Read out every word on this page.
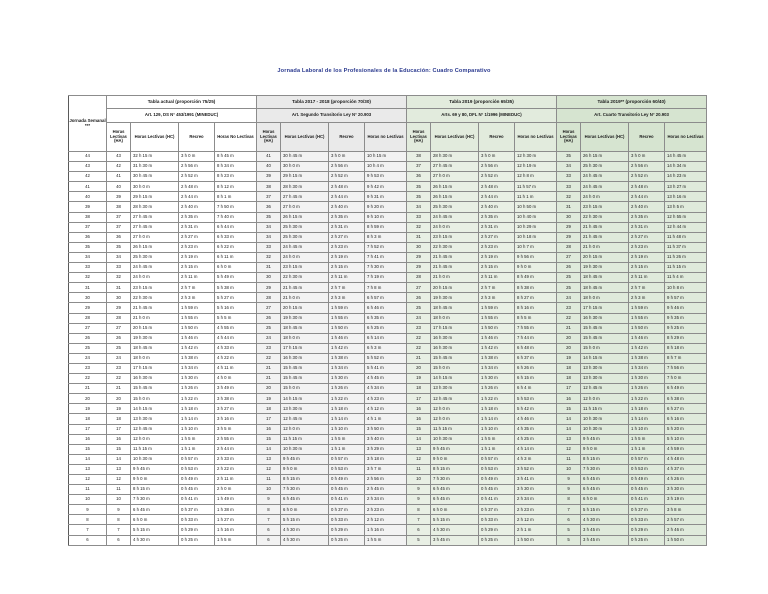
Jornada Laboral de los Profesionales de la Educación: Cuadro Comparativo
Jornada Semanal ***	Tabla actual (proporción 75/25)				Tabla 2017 - 2018 (proporción 70/30)				Tabla 2019 (proporción 65/35)				Tabla 2019** (proporción 60/40)			
	Art. 129, DS N° 453/1991 (MINEDUC)				Art. Segundo Transitorio Ley N° 20.903				Arts. 69 y 80, DFL N° 1/1996 (MINEDUC)				Art. Cuarto Transitorio Ley N° 20.903			
	Horas Lectivas (HA)	Horas Lectivas (HC)	Recreo	Horas No Lectivas	Horas Lectivas (HA)	Horas Lectivas (HC)	Recreo	Horas no Lectivas	Horas Lectivas (HA)	Horas Lectivas (HC)	Recreo	Horas no Lectivas	Horas Lectivas (HA)	Horas Lectivas (HC)	Recreo	Horas no Lectivas
44	43	32 h 15 m	3 h 0 m	8 h 45 m	41	30 h 45 m	3 h 0 m	10 h 15 m	38	28 h 30 m	3 h 0 m	12 h 30 m	35	26 h 15 m	3 h 0 m	14 h 45 m
43	42	31 h 30 m	2 h 56 m	8 h 34 m	40	30 h 0 m	2 h 56 m	10 h 4 m	37	27 h 45 m	2 h 56 m	12 h 19 m	34	25 h 30 m	2 h 56 m	14 h 34 m
42	41	30 h 45 m	2 h 52 m	8 h 23 m	39	29 h 15 m	2 h 52 m	9 h 53 m	36	27 h 0 m	2 h 52 m	12 h 8 m	33	24 h 45 m	2 h 52 m	14 h 23 m
41	40	30 h 0 m	2 h 48 m	8 h 12 m	38	28 h 30 m	2 h 48 m	9 h 42 m	35	26 h 15 m	2 h 48 m	11 h 57 m	33	24 h 45 m	2 h 48 m	13 h 27 m
40	39	29 h 15 m	2 h 44 m	8 h 1 m	37	27 h 45 m	2 h 44 m	9 h 31 m	35	26 h 15 m	2 h 44 m	11 h 1 m	32	24 h 0 m	2 h 44 m	13 h 16 m
39	38	28 h 30 m	2 h 40 m	7 h 50 m	36	27 h 0 m	2 h 40 m	9 h 20 m	34	25 h 30 m	2 h 40 m	10 h 50 m	31	23 h 15 m	2 h 40 m	13 h 5 m
38	37	27 h 45 m	2 h 35 m	7 h 40 m	35	26 h 15 m	2 h 35 m	9 h 10 m	33	24 h 45 m	2 h 35 m	10 h 40 m	30	22 h 30 m	2 h 35 m	12 h 55 m
37	37	27 h 45 m	2 h 31 m	6 h 44 m	34	25 h 30 m	2 h 31 m	8 h 59 m	32	24 h 0 m	2 h 31 m	10 h 29 m	29	21 h 45 m	2 h 31 m	12 h 44 m
36	36	27 h 0 m	2 h 27 m	6 h 33 m	34	25 h 30 m	2 h 27 m	8 h 3 m	31	23 h 15 m	2 h 27 m	10 h 18 m	29	21 h 45 m	2 h 27 m	11 h 48 m
35	35	26 h 15 m	2 h 23 m	6 h 22 m	33	24 h 45 m	2 h 23 m	7 h 52 m	30	22 h 30 m	2 h 23 m	10 h 7 m	28	21 h 0 m	2 h 23 m	11 h 37 m
34	34	25 h 30 m	2 h 19 m	6 h 11 m	32	24 h 0 m	2 h 19 m	7 h 41 m	29	21 h 45 m	2 h 19 m	9 h 56 m	27	20 h 15 m	2 h 19 m	11 h 26 m
33	33	24 h 45 m	2 h 15 m	6 h 0 m	31	23 h 15 m	2 h 15 m	7 h 30 m	29	21 h 45 m	2 h 15 m	9 h 0 m	26	19 h 30 m	2 h 15 m	11 h 15 m
32	32	24 h 0 m	2 h 11 m	5 h 49 m	30	22 h 30 m	2 h 11 m	7 h 19 m	28	21 h 0 m	2 h 11 m	8 h 49 m	25	18 h 45 m	2 h 11 m	11 h 4 m
31	31	23 h 15 m	2 h 7 m	5 h 38 m	29	21 h 45 m	2 h 7 m	7 h 8 m	27	20 h 15 m	2 h 7 m	8 h 38 m	25	18 h 45 m	2 h 7 m	10 h 8 m
30	30	22 h 30 m	2 h 3 m	5 h 27 m	28	21 h 0 m	2 h 3 m	6 h 57 m	26	19 h 30 m	2 h 3 m	8 h 27 m	24	18 h 0 m	2 h 3 m	9 h 57 m
29	29	21 h 45 m	1 h 59 m	5 h 16 m	27	20 h 15 m	1 h 59 m	6 h 46 m	25	18 h 45 m	1 h 59 m	8 h 16 m	23	17 h 15 m	1 h 59 m	9 h 46 m
28	28	21 h 0 m	1 h 55 m	5 h 5 m	26	19 h 30 m	1 h 55 m	6 h 35 m	24	18 h 0 m	1 h 55 m	8 h 5 m	22	16 h 30 m	1 h 55 m	9 h 35 m
27	27	20 h 15 m	1 h 50 m	4 h 55 m	25	18 h 45 m	1 h 50 m	6 h 25 m	23	17 h 15 m	1 h 50 m	7 h 55 m	21	15 h 45 m	1 h 50 m	9 h 25 m
26	26	19 h 30 m	1 h 46 m	4 h 44 m	24	18 h 0 m	1 h 46 m	6 h 14 m	22	16 h 30 m	1 h 46 m	7 h 44 m	20	15 h 45 m	1 h 46 m	8 h 29 m
25	25	18 h 45 m	1 h 42 m	4 h 33 m	23	17 h 15 m	1 h 42 m	6 h 3 m	22	16 h 30 m	1 h 42 m	6 h 48 m	20	15 h 0 m	1 h 42 m	8 h 18 m
24	24	18 h 0 m	1 h 38 m	4 h 22 m	22	16 h 30 m	1 h 38 m	5 h 52 m	21	15 h 45 m	1 h 38 m	6 h 37 m	19	14 h 15 m	1 h 38 m	8 h 7 m
23	23	17 h 15 m	1 h 34 m	4 h 11 m	21	15 h 45 m	1 h 34 m	5 h 41 m	20	15 h 0 m	1 h 34 m	6 h 26 m	18	13 h 30 m	1 h 34 m	7 h 56 m
22	22	16 h 30 m	1 h 30 m	4 h 0 m	21	15 h 45 m	1 h 30 m	4 h 45 m	19	14 h 15 m	1 h 30 m	6 h 15 m	18	13 h 30 m	1 h 30 m	7 h 0 m
21	21	15 h 45 m	1 h 26 m	3 h 49 m	20	15 h 0 m	1 h 26 m	4 h 34 m	18	13 h 30 m	1 h 26 m	6 h 4 m	17	12 h 45 m	1 h 26 m	6 h 49 m
20	20	15 h 0 m	1 h 22 m	3 h 38 m	19	14 h 15 m	1 h 22 m	4 h 23 m	17	12 h 45 m	1 h 22 m	5 h 53 m	16	12 h 0 m	1 h 22 m	6 h 38 m
19	19	14 h 15 m	1 h 18 m	3 h 27 m	18	13 h 30 m	1 h 18 m	4 h 12 m	16	12 h 0 m	1 h 18 m	5 h 42 m	15	11 h 15 m	1 h 18 m	6 h 27 m
18	18	13 h 30 m	1 h 14 m	3 h 16 m	17	12 h 45 m	1 h 14 m	4 h 1 m	16	12 h 0 m	1 h 14 m	4 h 46 m	14	10 h 30 m	1 h 14 m	6 h 16 m
17	17	12 h 45 m	1 h 10 m	3 h 5 m	16	12 h 0 m	1 h 10 m	3 h 50 m	15	11 h 15 m	1 h 10 m	4 h 35 m	14	10 h 30 m	1 h 10 m	5 h 20 m
16	16	12 h 0 m	1 h 5 m	2 h 55 m	15	11 h 15 m	1 h 5 m	3 h 40 m	14	10 h 30 m	1 h 5 m	4 h 25 m	13	9 h 45 m	1 h 5 m	5 h 10 m
15	15	11 h 15 m	1 h 1 m	2 h 44 m	14	10 h 30 m	1 h 1 m	3 h 29 m	13	9 h 45 m	1 h 1 m	4 h 14 m	12	9 h 0 m	1 h 1 m	4 h 59 m
14	14	10 h 30 m	0 h 57 m	2 h 33 m	13	9 h 45 m	0 h 57 m	3 h 18 m	12	9 h 0 m	0 h 57 m	4 h 3 m	11	8 h 15 m	0 h 57 m	4 h 48 m
13	13	9 h 45 m	0 h 53 m	2 h 22 m	12	9 h 0 m	0 h 53 m	3 h 7 m	11	8 h 15 m	0 h 53 m	3 h 52 m	10	7 h 30 m	0 h 53 m	4 h 37 m
12	12	9 h 0 m	0 h 49 m	2 h 11 m	11	8 h 15 m	0 h 49 m	2 h 56 m	10	7 h 30 m	0 h 49 m	3 h 41 m	9	6 h 45 m	0 h 49 m	4 h 26 m
11	11	8 h 15 m	0 h 45 m	2 h 0 m	10	7 h 30 m	0 h 45 m	2 h 45 m	9	6 h 45 m	0 h 45 m	3 h 30 m	9	6 h 45 m	0 h 45 m	3 h 30 m
10	10	7 h 30 m	0 h 41 m	1 h 49 m	9	6 h 45 m	0 h 41 m	2 h 34 m	9	6 h 45 m	0 h 41 m	2 h 34 m	8	6 h 0 m	0 h 41 m	3 h 19 m
9	9	6 h 45 m	0 h 37 m	1 h 38 m	8	6 h 0 m	0 h 37 m	2 h 23 m	8	6 h 0 m	0 h 37 m	2 h 23 m	7	5 h 15 m	0 h 37 m	3 h 8 m
8	8	6 h 0 m	0 h 33 m	1 h 27 m	7	5 h 15 m	0 h 33 m	2 h 12 m	7	5 h 15 m	0 h 33 m	2 h 12 m	6	4 h 30 m	0 h 33 m	2 h 57 m
7	7	5 h 15 m	0 h 29 m	1 h 16 m	6	4 h 30 m	0 h 29 m	1 h 16 m	6	4 h 30 m	0 h 29 m	2 h 1 m	5	3 h 45 m	0 h 29 m	2 h 46 m
6	6	4 h 30 m	0 h 25 m	1 h 5 m	6	4 h 30 m	0 h 25 m	1 h 5 m	5	3 h 45 m	0 h 25 m	1 h 50 m	5	3 h 45 m	0 h 25 m	1 h 50 m
